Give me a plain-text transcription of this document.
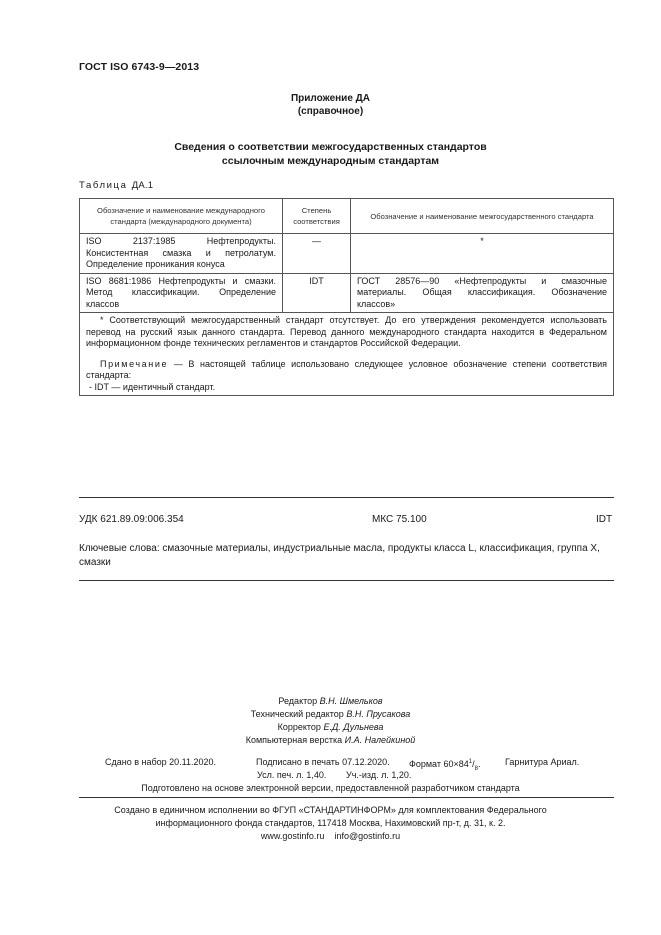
ГОСТ ISO 6743-9—2013
Приложение ДА
(справочное)
Сведения о соответствии межгосударственных стандартов
ссылочным международным стандартам
Таблица ДА.1
Обозначение и наименование международного стандарта (международного документа)	Степень соответствия	Обозначение и наименование межгосударственного стандарта
ISO 2137:1985 Нефтепродукты. Консистентная смазка и петролатум. Определение проникания конуса	—	*
ISO 8681:1986 Нефтепродукты и смазки. Метод классификации. Определение классов	IDT	ГОСТ 28576—90 «Нефтепродукты и смазочные материалы. Общая классификация. Обозначение классов»

* Соответствующий межгосударственный стандарт отсутствует. До его утверждения рекомендуется использовать перевод на русский язык данного стандарта. Перевод данного международного стандарта находится в Федеральном информационном фонде технических регламентов и стандартов Российской Федерации.
Примечание — В настоящей таблице использовано следующее условное обозначение степени соответствия стандарта:
- IDT — идентичный стандарт.		
УДК 621.89.09:006.354	МКС 75.100	IDT
Ключевые слова: смазочные материалы, индустриальные масла, продукты класса L, классификация, группа X, смазки
Редактор В.Н. Шмельков
Технический редактор В.Н. Прусакова
Корректор Е.Д. Дульнева
Компьютерная верстка И.А. Налейкиной
Сдано в набор 20.11.2020.	Подписано в печать 07.12.2020. Формат $60\times 84^1/_8$.	Гарнитура Ариал.
Усл. печ. л. 1,40. Уч.-изд. л. 1,20.
Подготовлено на основе электронной версии, предоставленной разработчиком стандарта
Создано в единичном исполнении во ФГУП «СТАНДАРТИНФОРМ» для комплектования Федерального
информационного фонда стандартов, 117418 Москва, Нахимовский пр-т, д. 31, к. 2.
www.gostinfo.ru info@gostinfo.ru
